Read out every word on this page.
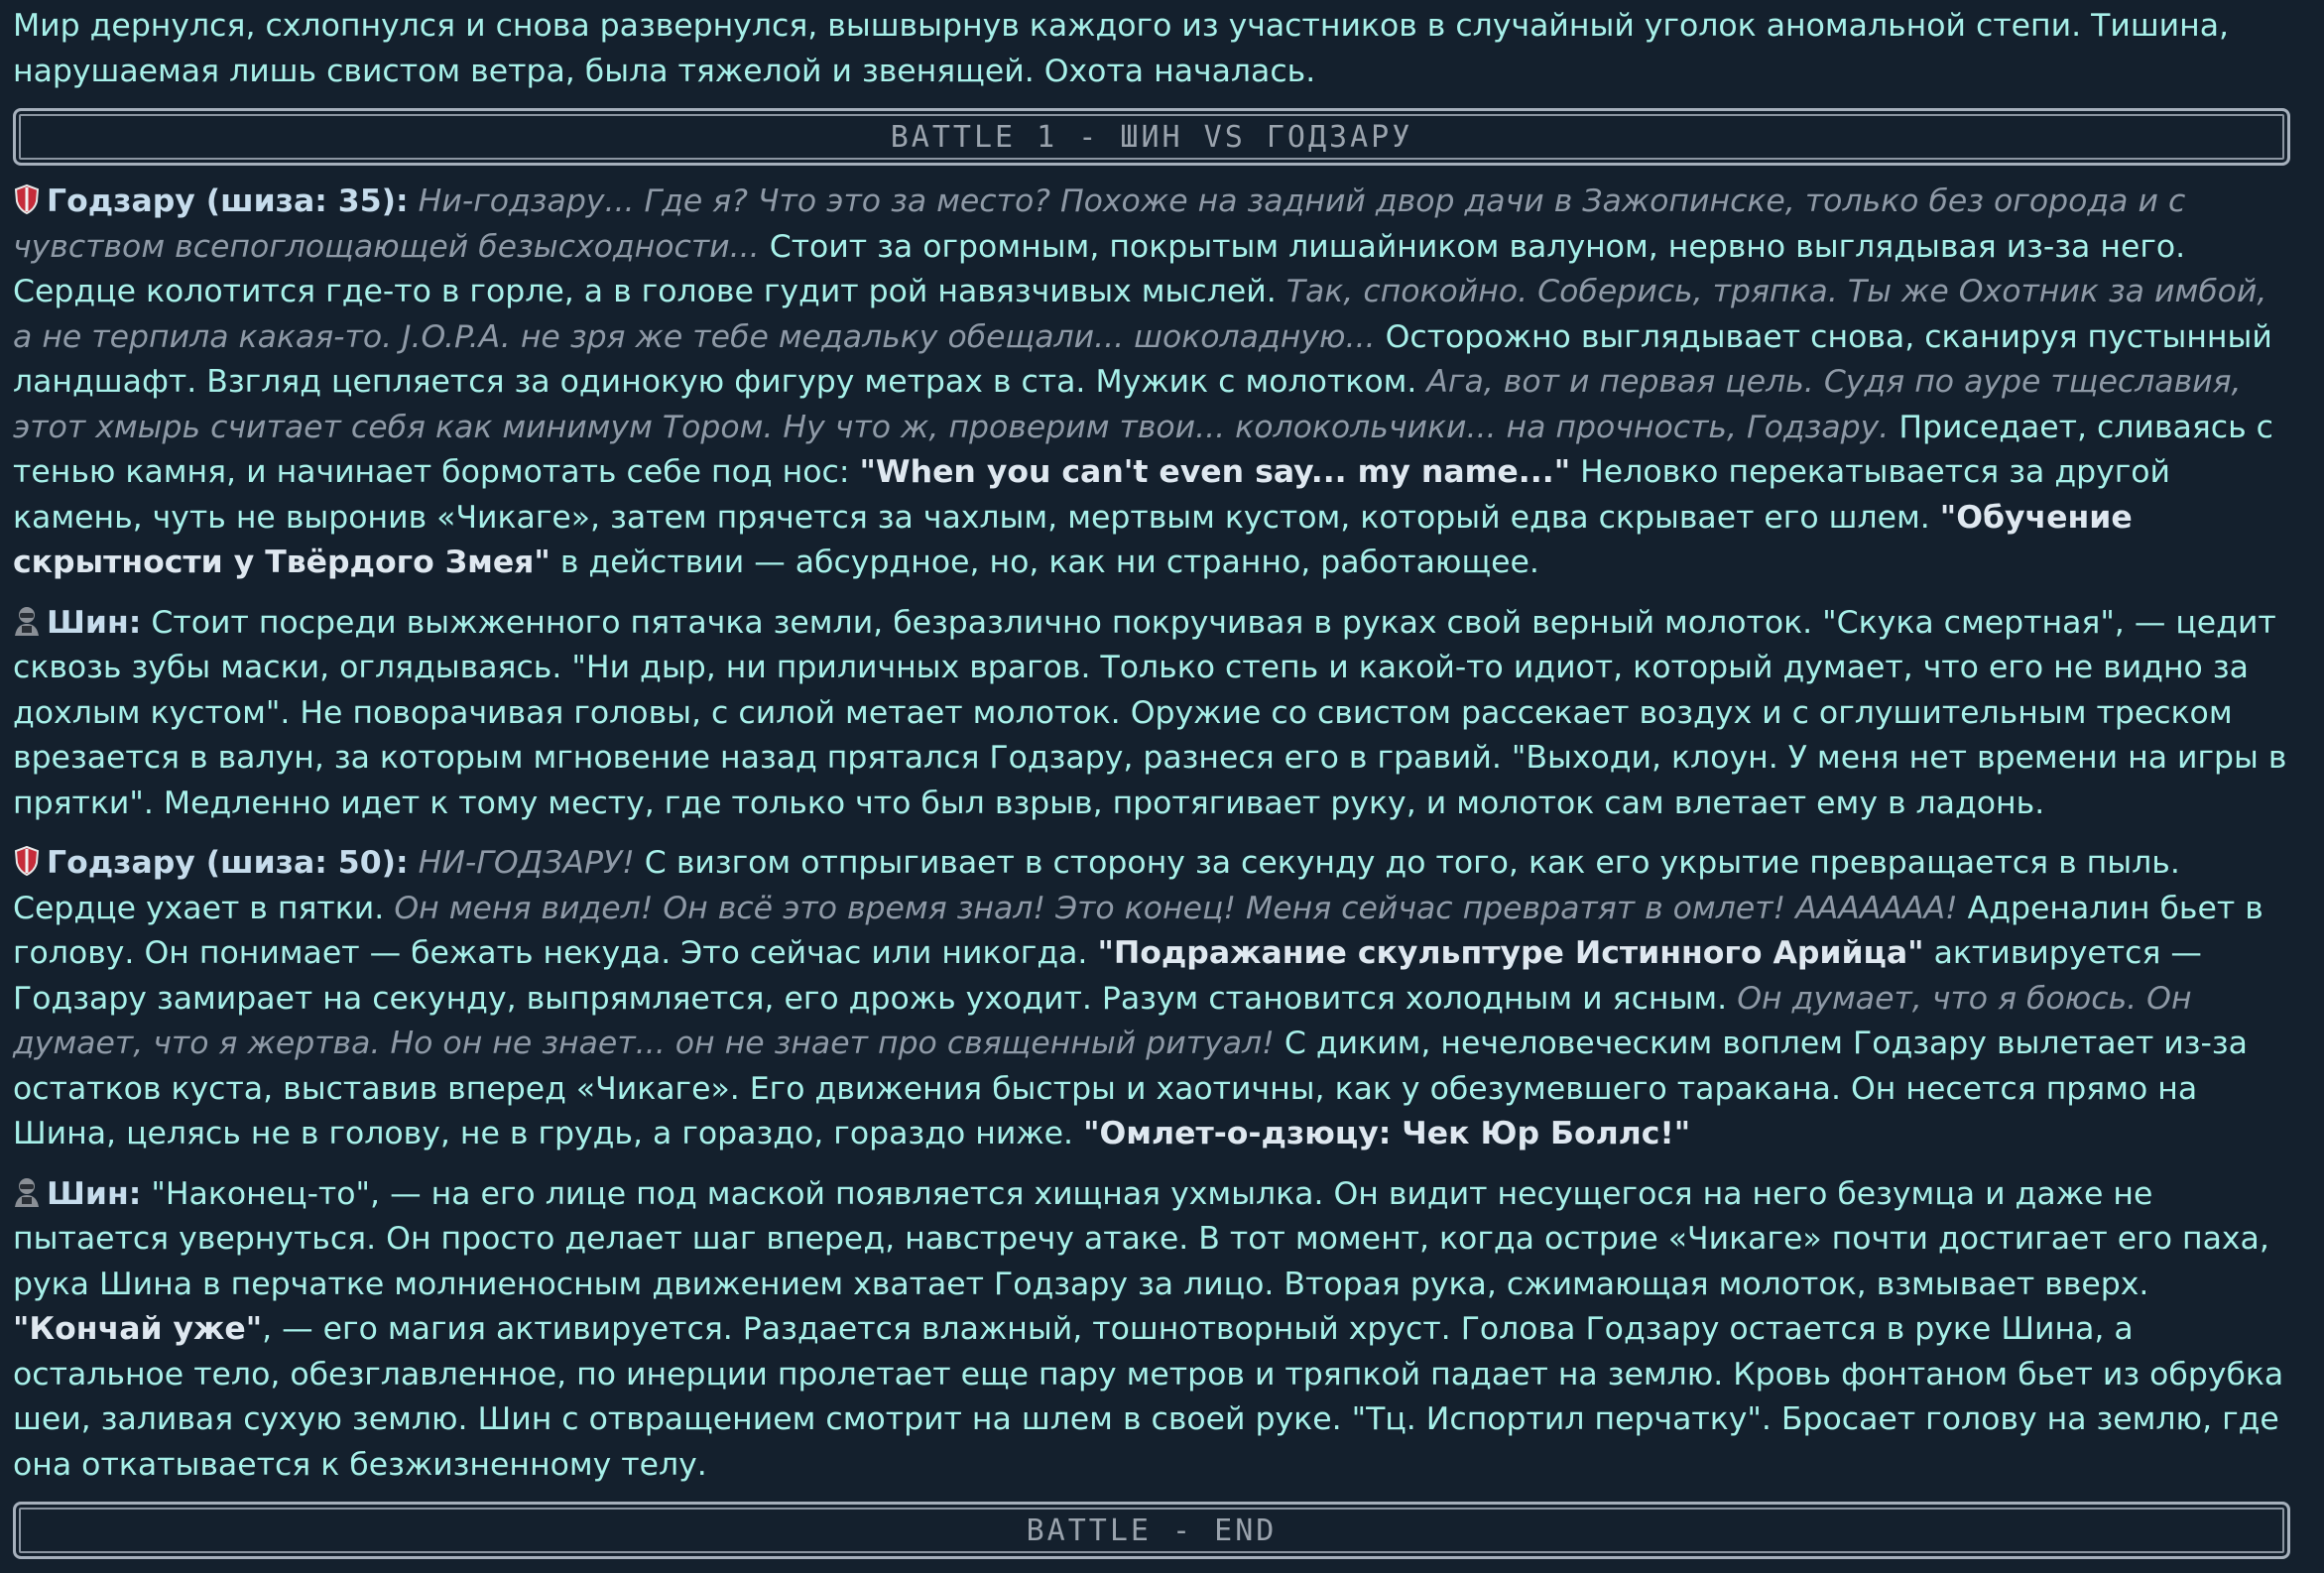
Мир дернулся, схлопнулся и снова развернулся, вышвырнув каждого из участников в случайный уголок аномальной степи. Тишина, нарушаемая лишь свистом ветра, была тяжелой и звенящей. Охота началась.

BATTLE 1 - ШИН VS ГОДЗАРУ

Годзару (шиза: 35): Ни-годзару... Где я? Что это за место? Похоже на задний двор дачи в Зажопинске, только без огорода и с чувством всепоглощающей безысходности... Стоит за огромным, покрытым лишайником валуном, нервно выглядывая из-за него. Сердце колотится где-то в горле, а в голове гудит рой навязчивых мыслей. Так, спокойно. Соберись, тряпка. Ты же Охотник за имбой, а не терпила какая-то. J.O.P.A. не зря же тебе медальку обещали... шоколадную... Осторожно выглядывает снова, сканируя пустынный ландшафт. Взгляд цепляется за одинокую фигуру метрах в ста. Мужик с молотком. Ага, вот и первая цель. Судя по ауре тщеславия, этот хмырь считает себя как минимум Тором. Ну что ж, проверим твои... колокольчики... на прочность, Годзару. Приседает, сливаясь с тенью камня, и начинает бормотать себе под нос: "When you can't even say... my name..." Неловко перекатывается за другой камень, чуть не выронив «Чикаге», затем прячется за чахлым, мертвым кустом, который едва скрывает его шлем. "Обучение скрытности у Твёрдого Змея" в действии — абсурдное, но, как ни странно, работающее.

Шин: Стоит посреди выжженного пятачка земли, безразлично покручивая в руках свой верный молоток. "Скука смертная", — цедит сквозь зубы маски, оглядываясь. "Ни дыр, ни приличных врагов. Только степь и какой-то идиот, который думает, что его не видно за дохлым кустом". Не поворачивая головы, с силой метает молоток. Оружие со свистом рассекает воздух и с оглушительным треском врезается в валун, за которым мгновение назад прятался Годзару, разнеся его в гравий. "Выходи, клоун. У меня нет времени на игры в прятки". Медленно идет к тому месту, где только что был взрыв, протягивает руку, и молоток сам влетает ему в ладонь.

Годзару (шиза: 50): НИ-ГОДЗАРУ! С визгом отпрыгивает в сторону за секунду до того, как его укрытие превращается в пыль. Сердце ухает в пятки. Он меня видел! Он всё это время знал! Это конец! Меня сейчас превратят в омлет! ААААААА! Адреналин бьет в голову. Он понимает — бежать некуда. Это сейчас или никогда. "Подражание скульптуре Истинного Арийца" активируется — Годзару замирает на секунду, выпрямляется, его дрожь уходит. Разум становится холодным и ясным. Он думает, что я боюсь. Он думает, что я жертва. Но он не знает... он не знает про священный ритуал! С диким, нечеловеческим воплем Годзару вылетает из-за остатков куста, выставив вперед «Чикаге». Его движения быстры и хаотичны, как у обезумевшего таракана. Он несется прямо на Шина, целясь не в голову, не в грудь, а гораздо, гораздо ниже. "Омлет-о-дзюцу: Чек Юр Боллс!"

Шин: "Наконец-то", — на его лице под маской появляется хищная ухмылка. Он видит несущегося на него безумца и даже не пытается увернуться. Он просто делает шаг вперед, навстречу атаке. В тот момент, когда острие «Чикаге» почти достигает его паха, рука Шина в перчатке молниеносным движением хватает Годзару за лицо. Вторая рука, сжимающая молоток, взмывает вверх. "Кончай уже", — его магия активируется. Раздается влажный, тошнотворный хруст. Голова Годзару остается в руке Шина, а остальное тело, обезглавленное, по инерции пролетает еще пару метров и тряпкой падает на землю. Кровь фонтаном бьет из обрубка шеи, заливая сухую землю. Шин с отвращением смотрит на шлем в своей руке. "Тц. Испортил перчатку". Бросает голову на землю, где она откатывается к безжизненному телу.

BATTLE - END
